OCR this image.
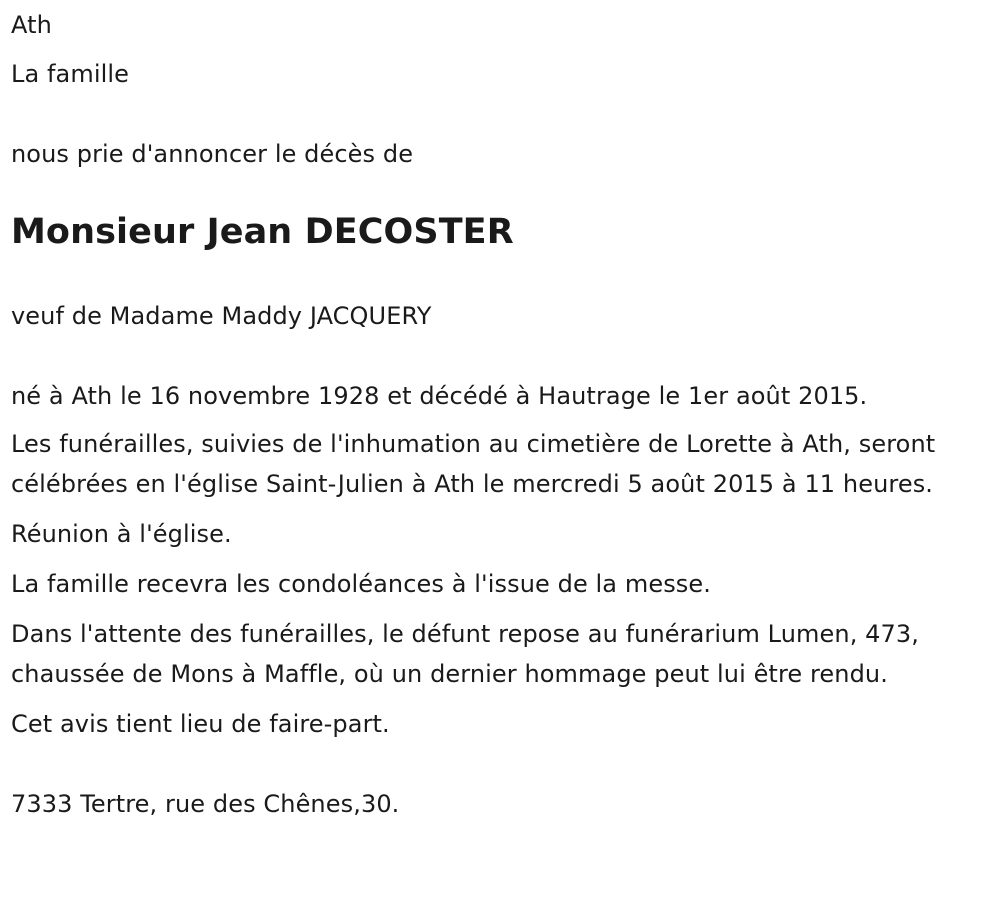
Ath

La famille

nous prie d'annoncer le décès de

Monsieur Jean DECOSTER

veuf de Madame Maddy JACQUERY

né à Ath le 16 novembre 1928 et décédé à Hautrage le 1er août 2015.

Les funérailles, suivies de l'inhumation au cimetière de Lorette à Ath, seront célébrées en l'église Saint-Julien à Ath le mercredi 5 août 2015 à 11 heures.

Réunion à l'église.

La famille recevra les condoléances à l'issue de la messe.

Dans l'attente des funérailles, le défunt repose au funérarium Lumen, 473, chaussée de Mons à Maffle, où un dernier hommage peut lui être rendu.

Cet avis tient lieu de faire-part.

7333 Tertre, rue des Chênes,30.
